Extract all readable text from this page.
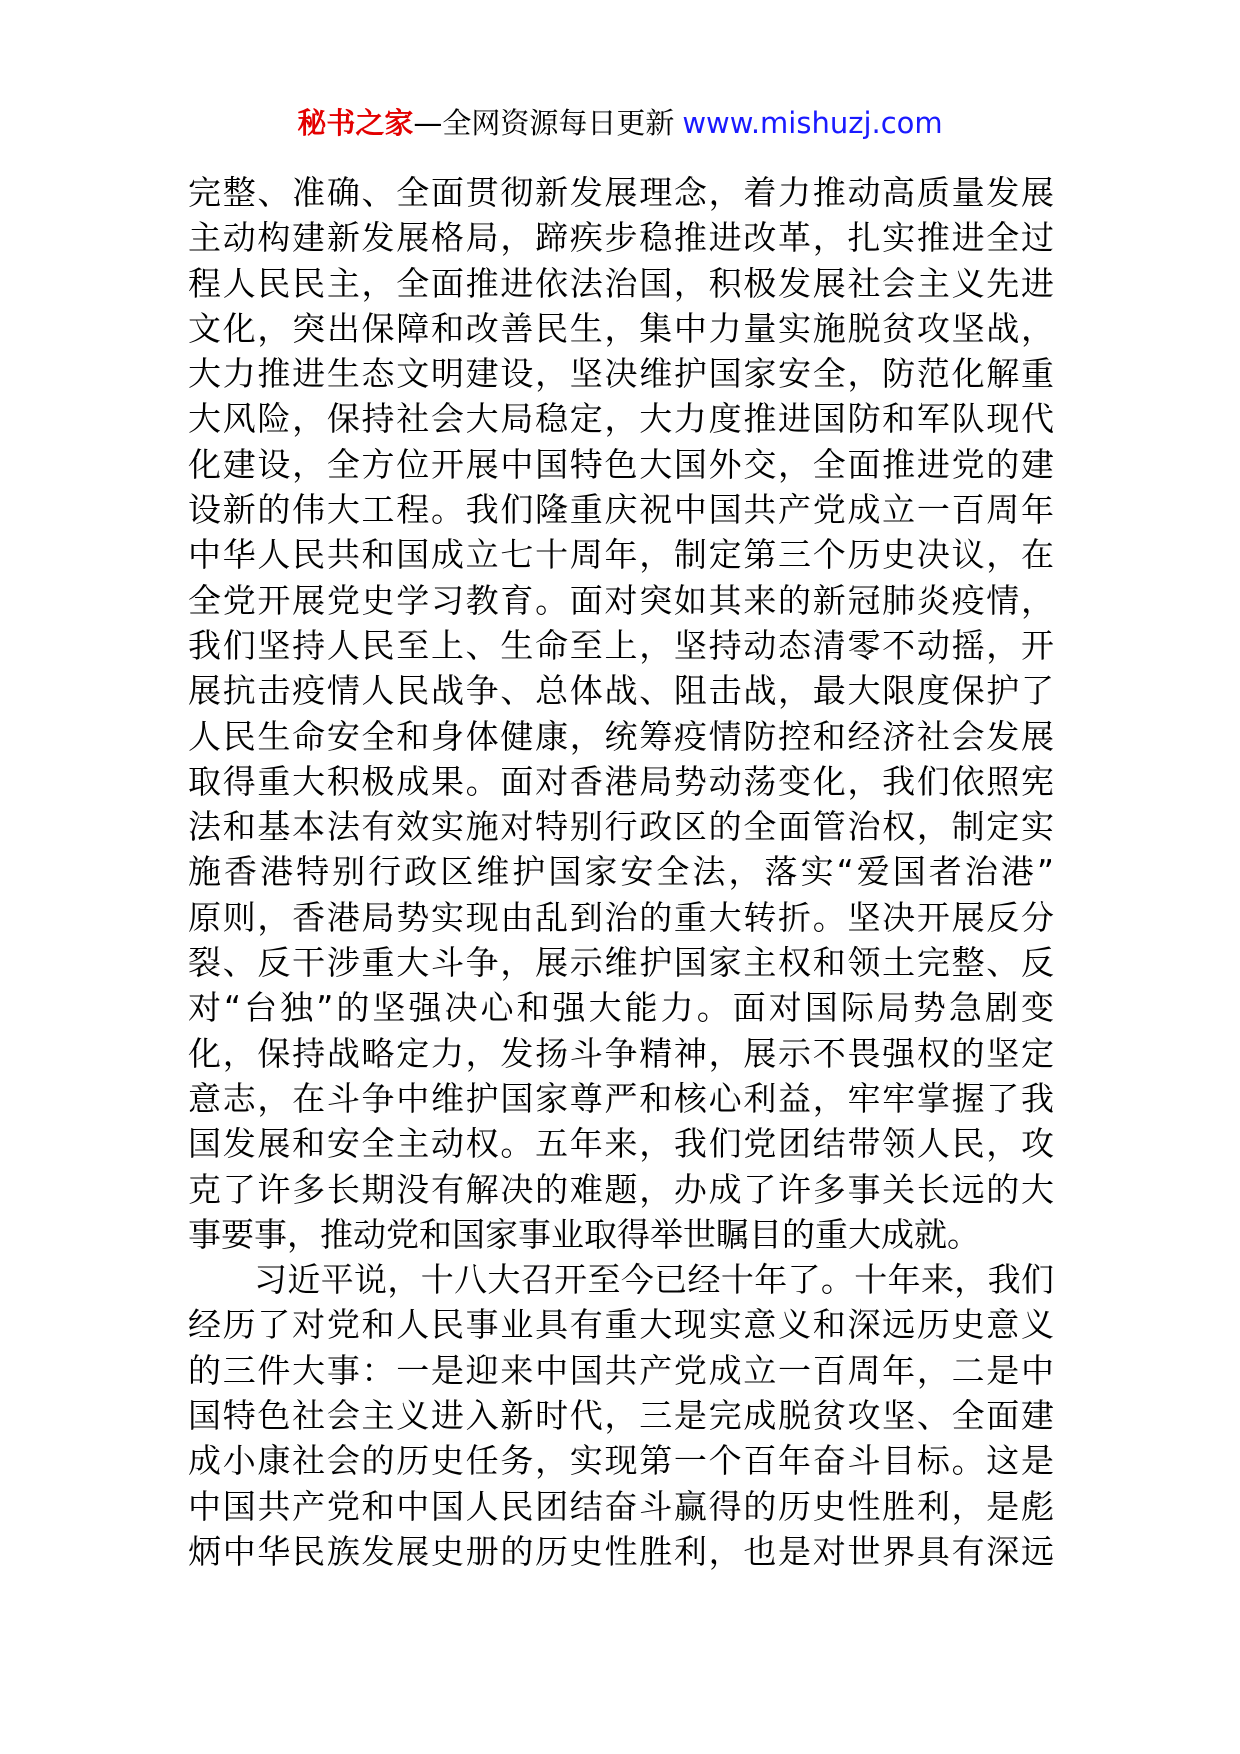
秘书之家—全网资源每日更新 www.mishuzj.com
完整、准确、全面贯彻新发展理念，着力推动高质量发展
主动构建新发展格局，蹄疾步稳推进改革，扎实推进全过
程人民民主，全面推进依法治国，积极发展社会主义先进
文化，突出保障和改善民生，集中力量实施脱贫攻坚战，
大力推进生态文明建设，坚决维护国家安全，防范化解重
大风险，保持社会大局稳定，大力度推进国防和军队现代
化建设，全方位开展中国特色大国外交，全面推进党的建
设新的伟大工程。我们隆重庆祝中国共产党成立一百周年
中华人民共和国成立七十周年，制定第三个历史决议，在
全党开展党史学习教育。面对突如其来的新冠肺炎疫情，
我们坚持人民至上、生命至上，坚持动态清零不动摇，开
展抗击疫情人民战争、总体战、阻击战，最大限度保护了
人民生命安全和身体健康，统筹疫情防控和经济社会发展
取得重大积极成果。面对香港局势动荡变化，我们依照宪
法和基本法有效实施对特别行政区的全面管治权，制定实
施香港特别行政区维护国家安全法，落实“爱国者治港”
原则，香港局势实现由乱到治的重大转折。坚决开展反分
裂、反干涉重大斗争，展示维护国家主权和领土完整、反
对“台独”的坚强决心和强大能力。面对国际局势急剧变
化，保持战略定力，发扬斗争精神，展示不畏强权的坚定
意志，在斗争中维护国家尊严和核心利益，牢牢掌握了我
国发展和安全主动权。五年来，我们党团结带领人民，攻
克了许多长期没有解决的难题，办成了许多事关长远的大
事要事，推动党和国家事业取得举世瞩目的重大成就。
习近平说，十八大召开至今已经十年了。十年来，我们
经历了对党和人民事业具有重大现实意义和深远历史意义
的三件大事：一是迎来中国共产党成立一百周年，二是中
国特色社会主义进入新时代，三是完成脱贫攻坚、全面建
成小康社会的历史任务，实现第一个百年奋斗目标。这是
中国共产党和中国人民团结奋斗赢得的历史性胜利，是彪
炳中华民族发展史册的历史性胜利，也是对世界具有深远
